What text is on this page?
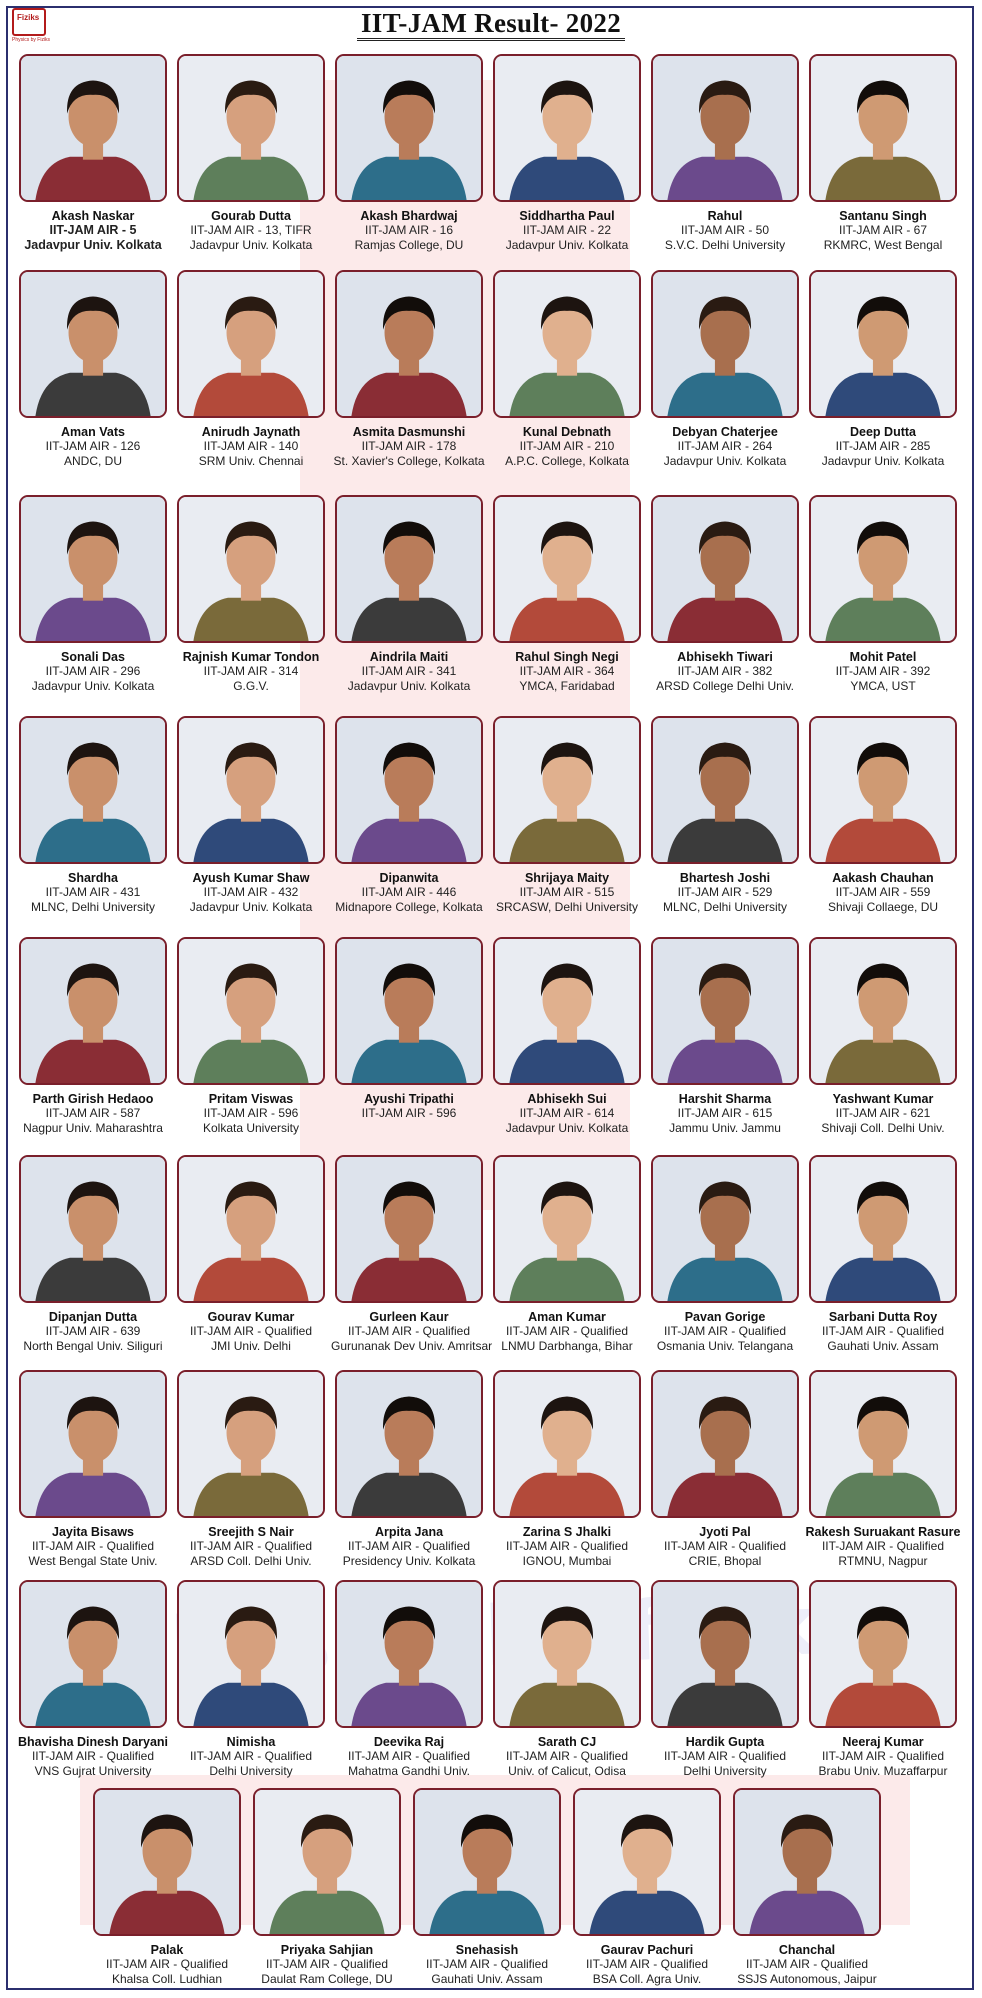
Physics by fiziks
Fiziks
Physics by Fiziks
IIT-JAM Result- 2022
Akash Naskar
IIT-JAM AIR - 5
Jadavpur Univ. Kolkata
Gourab Dutta
IIT-JAM AIR - 13, TIFR
Jadavpur Univ. Kolkata
Akash Bhardwaj
IIT-JAM AIR - 16
Ramjas College, DU
Siddhartha Paul
IIT-JAM AIR - 22
Jadavpur Univ. Kolkata
Rahul
IIT-JAM AIR - 50
S.V.C. Delhi University
Santanu Singh
IIT-JAM AIR - 67
RKMRC, West Bengal
Aman Vats
IIT-JAM AIR - 126
ANDC, DU
Anirudh Jaynath
IIT-JAM AIR - 140
SRM Univ. Chennai
Asmita Dasmunshi
IIT-JAM AIR - 178
St. Xavier's College, Kolkata
Kunal Debnath
IIT-JAM AIR - 210
A.P.C. College, Kolkata
Debyan Chaterjee
IIT-JAM AIR - 264
Jadavpur Univ. Kolkata
Deep Dutta
IIT-JAM AIR - 285
Jadavpur Univ. Kolkata
Sonali Das
IIT-JAM AIR - 296
Jadavpur Univ. Kolkata
Rajnish Kumar Tondon
IIT-JAM AIR - 314
G.G.V.
Aindrila Maiti
IIT-JAM AIR - 341
Jadavpur Univ. Kolkata
Rahul Singh Negi
IIT-JAM AIR - 364
YMCA, Faridabad
Abhisekh Tiwari
IIT-JAM AIR - 382
ARSD College Delhi Univ.
Mohit Patel
IIT-JAM AIR - 392
YMCA, UST
Shardha
IIT-JAM AIR - 431
MLNC, Delhi University
Ayush Kumar Shaw
IIT-JAM AIR - 432
Jadavpur Univ. Kolkata
Dipanwita
IIT-JAM AIR - 446
Midnapore College, Kolkata
Shrijaya Maity
IIT-JAM AIR - 515
SRCASW, Delhi University
Bhartesh Joshi
IIT-JAM AIR - 529
MLNC, Delhi University
Aakash Chauhan
IIT-JAM AIR - 559
Shivaji Collaege, DU
Parth Girish Hedaoo
IIT-JAM AIR - 587
Nagpur Univ. Maharashtra
Pritam Viswas
IIT-JAM AIR - 596
Kolkata University
Ayushi Tripathi
IIT-JAM AIR - 596
Abhisekh Sui
IIT-JAM AIR - 614
Jadavpur Univ. Kolkata
Harshit Sharma
IIT-JAM AIR - 615
Jammu Univ. Jammu
Yashwant Kumar
IIT-JAM AIR - 621
Shivaji Coll. Delhi Univ.
Dipanjan Dutta
IIT-JAM AIR - 639
North Bengal Univ. Siliguri
Gourav Kumar
IIT-JAM AIR - Qualified
JMI Univ. Delhi
Gurleen Kaur
IIT-JAM AIR - Qualified
Gurunanak Dev Univ. Amritsar
Aman Kumar
IIT-JAM AIR - Qualified
LNMU Darbhanga, Bihar
Pavan Gorige
IIT-JAM AIR - Qualified
Osmania Univ. Telangana
Sarbani Dutta Roy
IIT-JAM AIR - Qualified
Gauhati Univ. Assam
Jayita Bisaws
IIT-JAM AIR - Qualified
West Bengal State Univ.
Sreejith S Nair
IIT-JAM AIR - Qualified
ARSD Coll. Delhi Univ.
Arpita Jana
IIT-JAM AIR - Qualified
Presidency Univ. Kolkata
Zarina S Jhalki
IIT-JAM AIR - Qualified
IGNOU, Mumbai
Jyoti Pal
IIT-JAM AIR - Qualified
CRIE, Bhopal
Rakesh Suruakant Rasure
IIT-JAM AIR - Qualified
RTMNU, Nagpur
Bhavisha Dinesh Daryani
IIT-JAM AIR - Qualified
VNS Gujrat University
Nimisha
IIT-JAM AIR - Qualified
Delhi University
Deevika Raj
IIT-JAM AIR - Qualified
Mahatma Gandhi Univ.
Sarath CJ
IIT-JAM AIR - Qualified
Univ. of Calicut, Odisa
Hardik Gupta
IIT-JAM AIR - Qualified
Delhi University
Neeraj Kumar
IIT-JAM AIR - Qualified
Brabu Univ. Muzaffarpur
Palak
IIT-JAM AIR - Qualified
Khalsa Coll. Ludhian
Priyaka Sahjian
IIT-JAM AIR - Qualified
Daulat Ram College, DU
Snehasish
IIT-JAM AIR - Qualified
Gauhati Univ. Assam
Gaurav Pachuri
IIT-JAM AIR - Qualified
BSA Coll. Agra Univ.
Chanchal
IIT-JAM AIR - Qualified
SSJS Autonomous, Jaipur
